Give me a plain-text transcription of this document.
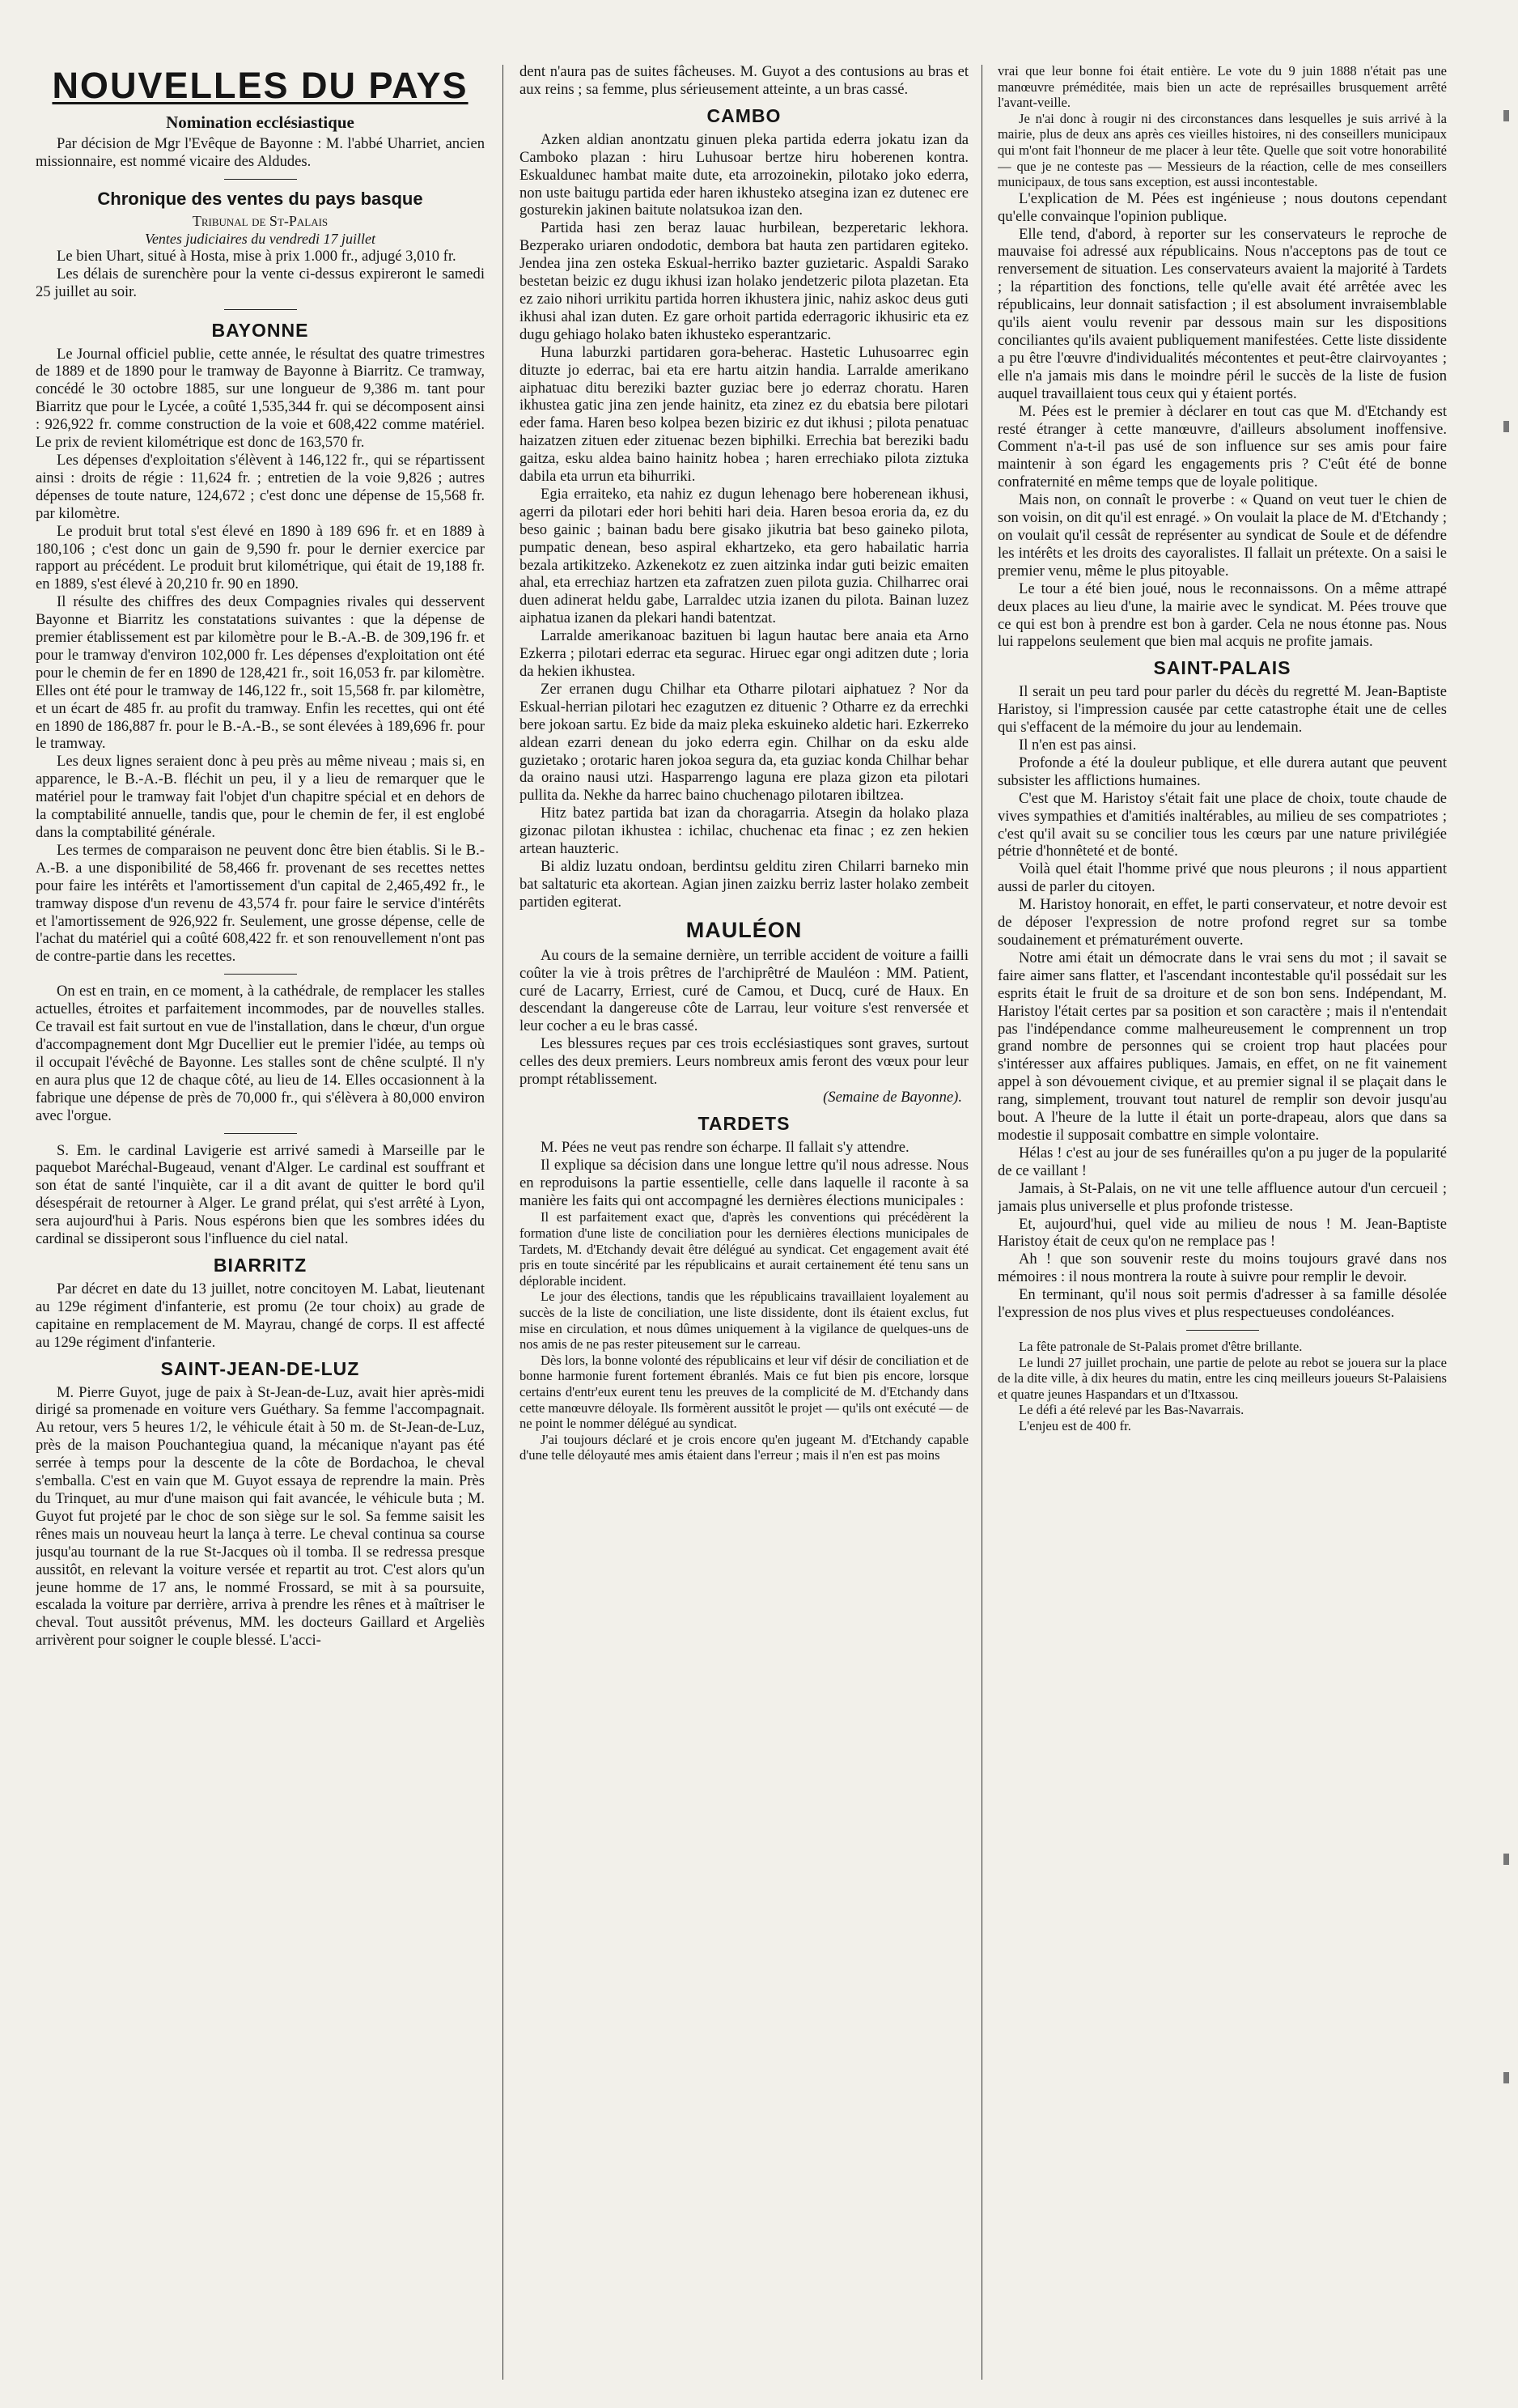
NOUVELLES DU PAYS
Nomination ecclésiastique

Par décision de Mgr l'Evêque de Bayonne : M. l'abbé Uharriet, ancien missionnaire, est nommé vicaire des Aldudes.

Chronique des ventes du pays basque
Tribunal de St-Palais
Ventes judiciaires du vendredi 17 juillet

Le bien Uhart, situé à Hosta, mise à prix 1.000 fr., adjugé 3,010 fr.

Les délais de surenchère pour la vente ci-dessus expireront le samedi 25 juillet au soir.

BAYONNE

Le Journal officiel publie, cette année, le résultat des quatre trimestres de 1889 et de 1890 pour le tramway de Bayonne à Biarritz. Ce tramway, concédé le 30 octobre 1885, sur une longueur de 9,386 m. tant pour Biarritz que pour le Lycée, a coûté 1,535,344 fr. qui se décomposent ainsi : 926,922 fr. comme construction de la voie et 608,422 comme matériel. Le prix de revient kilométrique est donc de 163,570 fr.

Les dépenses d'exploitation s'élèvent à 146,122 fr., qui se répartissent ainsi : droits de régie : 11,624 fr. ; entretien de la voie 9,826 ; autres dépenses de toute nature, 124,672 ; c'est donc une dépense de 15,568 fr. par kilomètre.

Le produit brut total s'est élevé en 1890 à 189 696 fr. et en 1889 à 180,106 ; c'est donc un gain de 9,590 fr. pour le dernier exercice par rapport au précédent. Le produit brut kilométrique, qui était de 19,188 fr. en 1889, s'est élevé à 20,210 fr. 90 en 1890.

Il résulte des chiffres des deux Compagnies rivales qui desservent Bayonne et Biarritz les constatations suivantes : que la dépense de premier établissement est par kilomètre pour le B.-A.-B. de 309,196 fr. et pour le tramway d'environ 102,000 fr. Les dépenses d'exploitation ont été pour le chemin de fer en 1890 de 128,421 fr., soit 16,053 fr. par kilomètre. Elles ont été pour le tramway de 146,122 fr., soit 15,568 fr. par kilomètre, et un écart de 485 fr. au profit du tramway. Enfin les recettes, qui ont été en 1890 de 186,887 fr. pour le B.-A.-B., se sont élevées à 189,696 fr. pour le tramway.

Les deux lignes seraient donc à peu près au même niveau ; mais si, en apparence, le B.-A.-B. fléchit un peu, il y a lieu de remarquer que le matériel pour le tramway fait l'objet d'un chapitre spécial et en dehors de la comptabilité annuelle, tandis que, pour le chemin de fer, il est englobé dans la comptabilité générale.

Les termes de comparaison ne peuvent donc être bien établis. Si le B.-A.-B. a une disponibilité de 58,466 fr. provenant de ses recettes nettes pour faire les intérêts et l'amortissement d'un capital de 2,465,492 fr., le tramway dispose d'un revenu de 43,574 fr. pour faire le service d'intérêts et l'amortissement de 926,922 fr. Seulement, une grosse dépense, celle de l'achat du matériel qui a coûté 608,422 fr. et son renouvellement n'ont pas de contre-partie dans les recettes.

On est en train, en ce moment, à la cathédrale, de remplacer les stalles actuelles, étroites et parfaitement incommodes, par de nouvelles stalles. Ce travail est fait surtout en vue de l'installation, dans le chœur, d'un orgue d'accompagnement dont Mgr Ducellier eut le premier l'idée, au temps où il occupait l'évêché de Bayonne. Les stalles sont de chêne sculpté. Il n'y en aura plus que 12 de chaque côté, au lieu de 14. Elles occasionnent à la fabrique une dépense de près de 70,000 fr., qui s'élèvera à 80,000 environ avec l'orgue.

S. Em. le cardinal Lavigerie est arrivé samedi à Marseille par le paquebot Maréchal-Bugeaud, venant d'Alger. Le cardinal est souffrant et son état de santé l'inquiète, car il a dit avant de quitter le bord qu'il désespérait de retourner à Alger. Le grand prélat, qui s'est arrêté à Lyon, sera aujourd'hui à Paris. Nous espérons bien que les sombres idées du cardinal se dissiperont sous l'influence du ciel natal.

BIARRITZ

Par décret en date du 13 juillet, notre concitoyen M. Labat, lieutenant au 129e régiment d'infanterie, est promu (2e tour choix) au grade de capitaine en remplacement de M. Mayrau, changé de corps. Il est affecté au 129e régiment d'infanterie.

SAINT-JEAN-DE-LUZ

M. Pierre Guyot, juge de paix à St-Jean-de-Luz, avait hier après-midi dirigé sa promenade en voiture vers Guéthary. Sa femme l'accompagnait. Au retour, vers 5 heures 1/2, le véhicule était à 50 m. de St-Jean-de-Luz, près de la maison Pouchantegiua quand, la mécanique n'ayant pas été serrée à temps pour la descente de la côte de Bordachoa, le cheval s'emballa. C'est en vain que M. Guyot essaya de reprendre la main. Près du Trinquet, au mur d'une maison qui fait avancée, le véhicule buta ; M. Guyot fut projeté par le choc de son siège sur le sol. Sa femme saisit les rênes mais un nouveau heurt la lança à terre. Le cheval continua sa course jusqu'au tournant de la rue St-Jacques où il tomba. Il se redressa presque aussitôt, en relevant la voiture versée et repartit au trot. C'est alors qu'un jeune homme de 17 ans, le nommé Frossard, se mit à sa poursuite, escalada la voiture par derrière, arriva à prendre les rênes et à maîtriser le cheval. Tout aussitôt prévenus, MM. les docteurs Gaillard et Argeliès arrivèrent pour soigner le couple blessé. L'acci-

dent n'aura pas de suites fâcheuses. M. Guyot a des contusions au bras et aux reins ; sa femme, plus sérieusement atteinte, a un bras cassé.

CAMBO

Azken aldian anontzatu ginuen pleka partida ederra jokatu izan da Camboko plazan : hiru Luhusoar bertze hiru hoberenen kontra. Eskualdunec hambat maite dute, eta arrozoinekin, pilotako joko ederra, non uste baitugu partida eder haren ikhusteko atsegina izan ez dutenec ere gosturekin jakinen baitute nolatsukoa izan den.

Partida hasi zen beraz lauac hurbilean, bezperetaric lekhora. Bezperako uriaren ondodotic, dembora bat hauta zen partidaren egiteko. Jendea jina zen osteka Eskual-herriko bazter guzietaric. Aspaldi Sarako bestetan beizic ez dugu ikhusi izan holako jendetzeric pilota plazetan. Eta ez zaio nihori urrikitu partida horren ikhustera jinic, nahiz askoc deus guti ikhusi ahal izan duten. Ez gare orhoit partida ederragoric ikhusiric eta ez dugu gehiago holako baten ikhusteko esperantzaric.

Huna laburzki partidaren gora-beherac. Hastetic Luhusoarrec egin dituzte jo ederrac, bai eta ere hartu aitzin handia. Larralde amerikano aiphatuac ditu bereziki bazter guziac bere jo ederraz choratu. Haren ikhustea gatic jina zen jende hainitz, eta zinez ez du ebatsia bere pilotari eder fama. Haren beso kolpea bezen biziric ez dut ikhusi ; pilota penatuac haizatzen zituen eder zituenac bezen biphilki. Errechia bat bereziki badu gaitza, esku aldea baino hainitz hobea ; haren errechiako pilota ziztuka dabila eta urrun eta bihurriki.

Egia erraiteko, eta nahiz ez dugun lehenago bere hoberenean ikhusi, agerri da pilotari eder hori behiti hari deia. Haren besoa eroria da, ez du beso gainic ; bainan badu bere gisako jikutria bat beso gaineko pilota, pumpatic denean, beso aspiral ekhartzeko, eta gero habailatic harria bezala artikitzeko. Azkenekotz ez zuen aitzinka indar guti beizic emaiten ahal, eta errechiaz hartzen eta zafratzen zuen pilota guzia. Chilharrec orai duen adinerat heldu gabe, Larraldec utzia izanen du pilota. Bainan luzez aiphatua izanen da plekari handi batentzat.

Larralde amerikanoac bazituen bi lagun hautac bere anaia eta Arno Ezkerra ; pilotari ederrac eta segurac. Hiruec egar ongi aditzen dute ; loria da hekien ikhustea.

Zer erranen dugu Chilhar eta Otharre pilotari aiphatuez ? Nor da Eskual-herrian pilotari hec ezagutzen ez dituenic ? Otharre ez da errechki bere jokoan sartu. Ez bide da maiz pleka eskuineko aldetic hari. Ezkerreko aldean ezarri denean du joko ederra egin. Chilhar on da esku alde guzietako ; orotaric haren jokoa segura da, eta guziac konda Chilhar behar da oraino nausi utzi. Hasparrengo laguna ere plaza gizon eta pilotari pullita da. Nekhe da harrec baino chuchenago pilotaren ibiltzea.

Hitz batez partida bat izan da choragarria. Atsegin da holako plaza gizonac pilotan ikhustea : ichilac, chuchenac eta finac ; ez zen hekien artean hauzteric.

Bi aldiz luzatu ondoan, berdintsu gelditu ziren Chilarri barneko min bat saltaturic eta akortean. Agian jinen zaizku berriz laster holako zembeit partiden egiterat.

MAULÉON

Au cours de la semaine dernière, un terrible accident de voiture a failli coûter la vie à trois prêtres de l'archiprêtré de Mauléon : MM. Patient, curé de Lacarry, Erriest, curé de Camou, et Ducq, curé de Haux. En descendant la dangereuse côte de Larrau, leur voiture s'est renversée et leur cocher a eu le bras cassé.

Les blessures reçues par ces trois ecclésiastiques sont graves, surtout celles des deux premiers. Leurs nombreux amis feront des vœux pour leur prompt rétablissement.

(Semaine de Bayonne).
TARDETS

M. Pées ne veut pas rendre son écharpe. Il fallait s'y attendre.

Il explique sa décision dans une longue lettre qu'il nous adresse. Nous en reproduisons la partie essentielle, celle dans laquelle il raconte à sa manière les faits qui ont accompagné les dernières élections municipales :

Il est parfaitement exact que, d'après les conventions qui précédèrent la formation d'une liste de conciliation pour les dernières élections municipales de Tardets, M. d'Etchandy devait être délégué au syndicat. Cet engagement avait été pris en toute sincérité par les républicains et aurait certainement été tenu sans un déplorable incident.

Le jour des élections, tandis que les républicains travaillaient loyalement au succès de la liste de conciliation, une liste dissidente, dont ils étaient exclus, fut mise en circulation, et nous dûmes uniquement à la vigilance de quelques-uns de nos amis de ne pas rester piteusement sur le carreau.

Dès lors, la bonne volonté des républicains et leur vif désir de conciliation et de bonne harmonie furent fortement ébranlés. Mais ce fut bien pis encore, lorsque certains d'entr'eux eurent tenu les preuves de la complicité de M. d'Etchandy dans cette manœuvre déloyale. Ils formèrent aussitôt le projet — qu'ils ont exécuté — de ne point le nommer délégué au syndicat.

J'ai toujours déclaré et je crois encore qu'en jugeant M. d'Etchandy capable d'une telle déloyauté mes amis étaient dans l'erreur ; mais il n'en est pas moins

vrai que leur bonne foi était entière. Le vote du 9 juin 1888 n'était pas une manœuvre préméditée, mais bien un acte de représailles brusquement arrêté l'avant-veille.

Je n'ai donc à rougir ni des circonstances dans lesquelles je suis arrivé à la mairie, plus de deux ans après ces vieilles histoires, ni des conseillers municipaux qui m'ont fait l'honneur de me placer à leur tête. Quelle que soit votre honorabilité — que je ne conteste pas — Messieurs de la réaction, celle de mes conseillers municipaux, de tous sans exception, est aussi incontestable.

L'explication de M. Pées est ingénieuse ; nous doutons cependant qu'elle convainque l'opinion publique.

Elle tend, d'abord, à reporter sur les conservateurs le reproche de mauvaise foi adressé aux républicains. Nous n'acceptons pas de tout ce renversement de situation. Les conservateurs avaient la majorité à Tardets ; la répartition des fonctions, telle qu'elle avait été arrêtée avec les républicains, leur donnait satisfaction ; il est absolument invraisemblable qu'ils aient voulu revenir par dessous main sur les dispositions conciliantes qu'ils avaient publiquement manifestées. Cette liste dissidente a pu être l'œuvre d'individualités mécontentes et peut-être clairvoyantes ; elle n'a jamais mis dans le moindre péril le succès de la liste de fusion auquel travaillaient tous ceux qui y étaient portés.

M. Pées est le premier à déclarer en tout cas que M. d'Etchandy est resté étranger à cette manœuvre, d'ailleurs absolument inoffensive. Comment n'a-t-il pas usé de son influence sur ses amis pour faire maintenir à son égard les engagements pris ? C'eût été de bonne confraternité en même temps que de loyale politique.

Mais non, on connaît le proverbe : « Quand on veut tuer le chien de son voisin, on dit qu'il est enragé. » On voulait la place de M. d'Etchandy ; on voulait qu'il cessât de représenter au syndicat de Soule et de défendre les intérêts et les droits des cayoralistes. Il fallait un prétexte. On a saisi le premier venu, même le plus pitoyable.

Le tour a été bien joué, nous le reconnaissons. On a même attrapé deux places au lieu d'une, la mairie avec le syndicat. M. Pées trouve que ce qui est bon à prendre est bon à garder. Cela ne nous étonne pas. Nous lui rappelons seulement que bien mal acquis ne profite jamais.

SAINT-PALAIS

Il serait un peu tard pour parler du décès du regretté M. Jean-Baptiste Haristoy, si l'impression causée par cette catastrophe était une de celles qui s'effacent de la mémoire du jour au lendemain.

Il n'en est pas ainsi.

Profonde a été la douleur publique, et elle durera autant que peuvent subsister les afflictions humaines.

C'est que M. Haristoy s'était fait une place de choix, toute chaude de vives sympathies et d'amitiés inaltérables, au milieu de ses compatriotes ; c'est qu'il avait su se concilier tous les cœurs par une nature privilégiée pétrie d'honnêteté et de bonté.

Voilà quel était l'homme privé que nous pleurons ; il nous appartient aussi de parler du citoyen.

M. Haristoy honorait, en effet, le parti conservateur, et notre devoir est de déposer l'expression de notre profond regret sur sa tombe soudainement et prématurément ouverte.

Notre ami était un démocrate dans le vrai sens du mot ; il savait se faire aimer sans flatter, et l'ascendant incontestable qu'il possédait sur les esprits était le fruit de sa droiture et de son bon sens. Indépendant, M. Haristoy l'était certes par sa position et son caractère ; mais il n'entendait pas l'indépendance comme malheureusement le comprennent un trop grand nombre de personnes qui se croient trop haut placées pour s'intéresser aux affaires publiques. Jamais, en effet, on ne fit vainement appel à son dévouement civique, et au premier signal il se plaçait dans le rang, simplement, trouvant tout naturel de remplir son devoir jusqu'au bout. A l'heure de la lutte il était un porte-drapeau, alors que dans sa modestie il supposait combattre en simple volontaire.

Hélas ! c'est au jour de ses funérailles qu'on a pu juger de la popularité de ce vaillant !

Jamais, à St-Palais, on ne vit une telle affluence autour d'un cercueil ; jamais plus universelle et plus profonde tristesse.

Et, aujourd'hui, quel vide au milieu de nous ! M. Jean-Baptiste Haristoy était de ceux qu'on ne remplace pas !

Ah ! que son souvenir reste du moins toujours gravé dans nos mémoires : il nous montrera la route à suivre pour remplir le devoir.

En terminant, qu'il nous soit permis d'adresser à sa famille désolée l'expression de nos plus vives et plus respectueuses condoléances.

La fête patronale de St-Palais promet d'être brillante.

Le lundi 27 juillet prochain, une partie de pelote au rebot se jouera sur la place de la dite ville, à dix heures du matin, entre les cinq meilleurs joueurs St-Palaisiens et quatre jeunes Haspandars et un d'Itxassou.

Le défi a été relevé par les Bas-Navarrais.

L'enjeu est de 400 fr.
